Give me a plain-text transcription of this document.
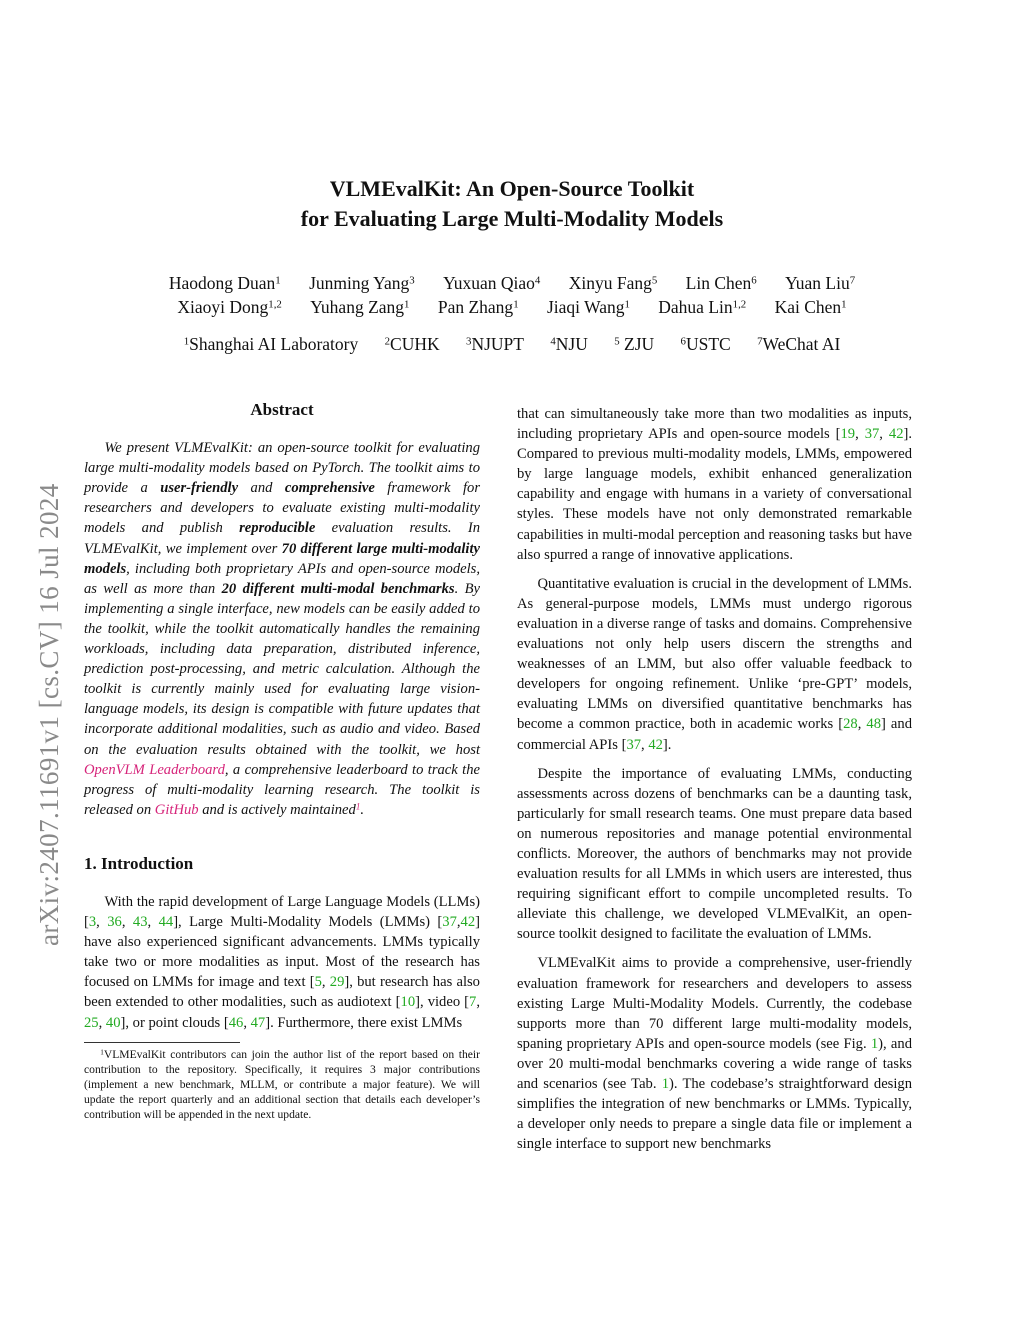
arXiv:2407.11691v1 [cs.CV] 16 Jul 2024
VLMEvalKit: An Open-Source Toolkit
for Evaluating Large Multi-Modality Models
Haodong Duan$^1$ Junming Yang$^3$ Yuxuan Qiao$^4$ Xinyu Fang$^5$ Lin Chen$^6$ Yuan Liu$^7$
Xiaoyi Dong$^{1,2}$ Yuhang Zang$^1$ Pan Zhang$^1$ Jiaqi Wang$^1$ Dahua Lin$^{1,2}$ Kai Chen$^1$
$^1$Shanghai AI Laboratory $^2$CUHK $^3$NJUPT $^4$NJU $^5$ ZJU $^6$USTC $^7$WeChat AI
Abstract

We present VLMEvalKit: an open-source toolkit for evaluating large multi-modality models based on PyTorch. The toolkit aims to provide a user-friendly and comprehensive framework for researchers and developers to evaluate existing multi-modality models and publish reproducible evaluation results. In VLMEvalKit, we implement over 70 different large multi-modality models, including both proprietary APIs and open-source models, as well as more than 20 different multi-modal benchmarks. By implementing a single interface, new models can be easily added to the toolkit, while the toolkit automatically handles the remaining workloads, including data preparation, distributed inference, prediction post-processing, and metric calculation. Although the toolkit is currently mainly used for evaluating large vision-language models, its design is compatible with future updates that incorporate additional modalities, such as audio and video. Based on the evaluation results obtained with the toolkit, we host OpenVLM Leaderboard, a comprehensive leaderboard to track the progress of multi-modality learning research. The toolkit is released on GitHub and is actively maintained$^1$.

1. Introduction

With the rapid development of Large Language Models (LLMs) [3, 36, 43, 44], Large Multi-Modality Models (LMMs) [37,42] have also experienced significant advancements. LMMs typically take two or more modalities as input. Most of the research has focused on LMMs for image and text [5, 29], but research has also been extended to other modalities, such as audiotext [10], video [7, 25, 40], or point clouds [46, 47]. Furthermore, there exist LMMs

$^1$VLMEvalKit contributors can join the author list of the report based on their contribution to the repository. Specifically, it requires 3 major contributions (implement a new benchmark, MLLM, or contribute a major feature). We will update the report quarterly and an additional section that details each developer’s contribution will be appended in the next update.

that can simultaneously take more than two modalities as inputs, including proprietary APIs and open-source models [19, 37, 42]. Compared to previous multi-modality models, LMMs, empowered by large language models, exhibit enhanced generalization capability and engage with humans in a variety of conversational styles. These models have not only demonstrated remarkable capabilities in multi-modal perception and reasoning tasks but have also spurred a range of innovative applications.

Quantitative evaluation is crucial in the development of LMMs. As general-purpose models, LMMs must undergo rigorous evaluation in a diverse range of tasks and domains. Comprehensive evaluations not only help users discern the strengths and weaknesses of an LMM, but also offer valuable feedback to developers for ongoing refinement. Unlike ‘pre-GPT’ models, evaluating LMMs on diversified quantitative benchmarks has become a common practice, both in academic works [28, 48] and commercial APIs [37, 42].

Despite the importance of evaluating LMMs, conducting assessments across dozens of benchmarks can be a daunting task, particularly for small research teams. One must prepare data based on numerous repositories and manage potential environmental conflicts. Moreover, the authors of benchmarks may not provide evaluation results for all LMMs in which users are interested, thus requiring significant effort to compile uncompleted results. To alleviate this challenge, we developed VLMEvalKit, an open-source toolkit designed to facilitate the evaluation of LMMs.

VLMEvalKit aims to provide a comprehensive, user-friendly evaluation framework for researchers and developers to assess existing Large Multi-Modality Models. Currently, the codebase supports more than 70 different large multi-modality models, spaning proprietary APIs and open-source models (see Fig. 1), and over 20 multi-modal benchmarks covering a wide range of tasks and scenarios (see Tab. 1). The codebase’s straightforward design simplifies the integration of new benchmarks or LMMs. Typically, a developer only needs to prepare a single data file or implement a single interface to support new benchmarks
